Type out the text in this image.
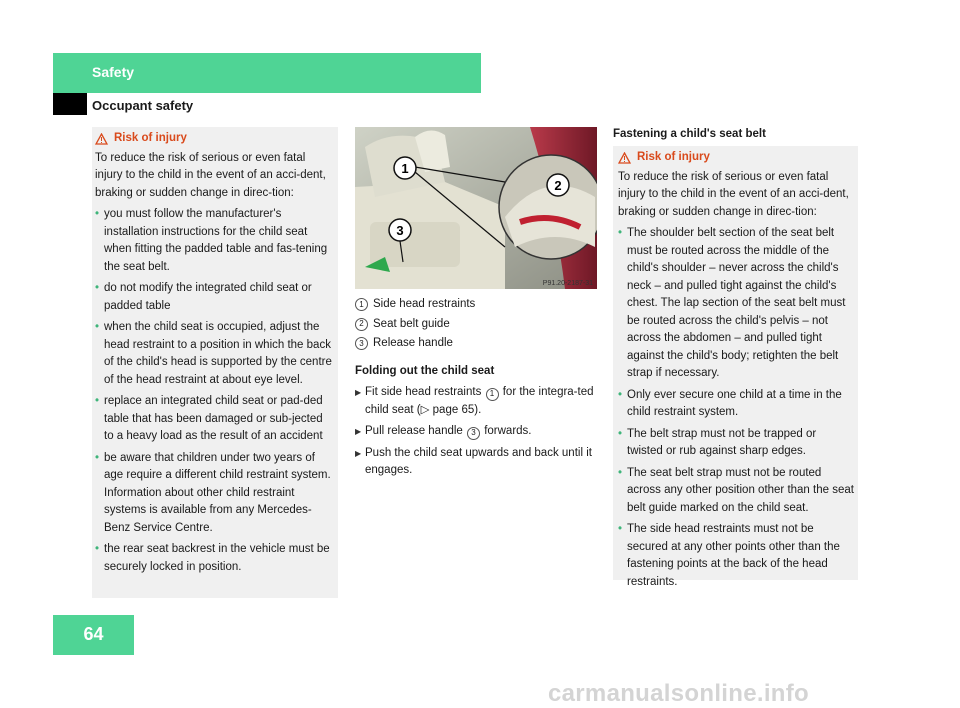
Safety
Occupant safety
Risk of injury
To reduce the risk of serious or even fatal injury to the child in the event of an acci-dent, braking or sudden change in direc-tion:
• you must follow the manufacturer's installation instructions for the child seat when fitting the padded table and fas-tening the seat belt.
• do not modify the integrated child seat or padded table
• when the child seat is occupied, adjust the head restraint to a position in which the back of the child's head is supported by the centre of the head restraint at about eye level.
• replace an integrated child seat or pad-ded table that has been damaged or sub-jected to a heavy load as the result of an accident
• be aware that children under two years of age require a different child restraint system. Information about other child restraint systems is available from any Mercedes-Benz Service Centre.
• the rear seat backrest in the vehicle must be securely locked in position.
1
2
3
P91.20-2187-31
1 Side head restraints
2 Seat belt guide
3 Release handle
Folding out the child seat
▶ Fit side head restraints 1 for the integra-ted child seat (▷ page 65).
▶ Pull release handle 3 forwards.
▶ Push the child seat upwards and back until it engages.
Fastening a child's seat belt
Risk of injury
To reduce the risk of serious or even fatal injury to the child in the event of an acci-dent, braking or sudden change in direc-tion:
• The shoulder belt section of the seat belt must be routed across the middle of the child's shoulder – never across the child's neck – and pulled tight against the child's chest. The lap section of the seat belt must be routed across the child's pelvis – not across the abdomen – and pulled tight against the child's body; retighten the belt strap if necessary.
• Only ever secure one child at a time in the child restraint system.
• The belt strap must not be trapped or twisted or rub against sharp edges.
• The seat belt strap must not be routed across any other position other than the seat belt guide marked on the child seat.
• The side head restraints must not be secured at any other points other than the fastening points at the back of the head restraints.
64
carmanualsonline.info
